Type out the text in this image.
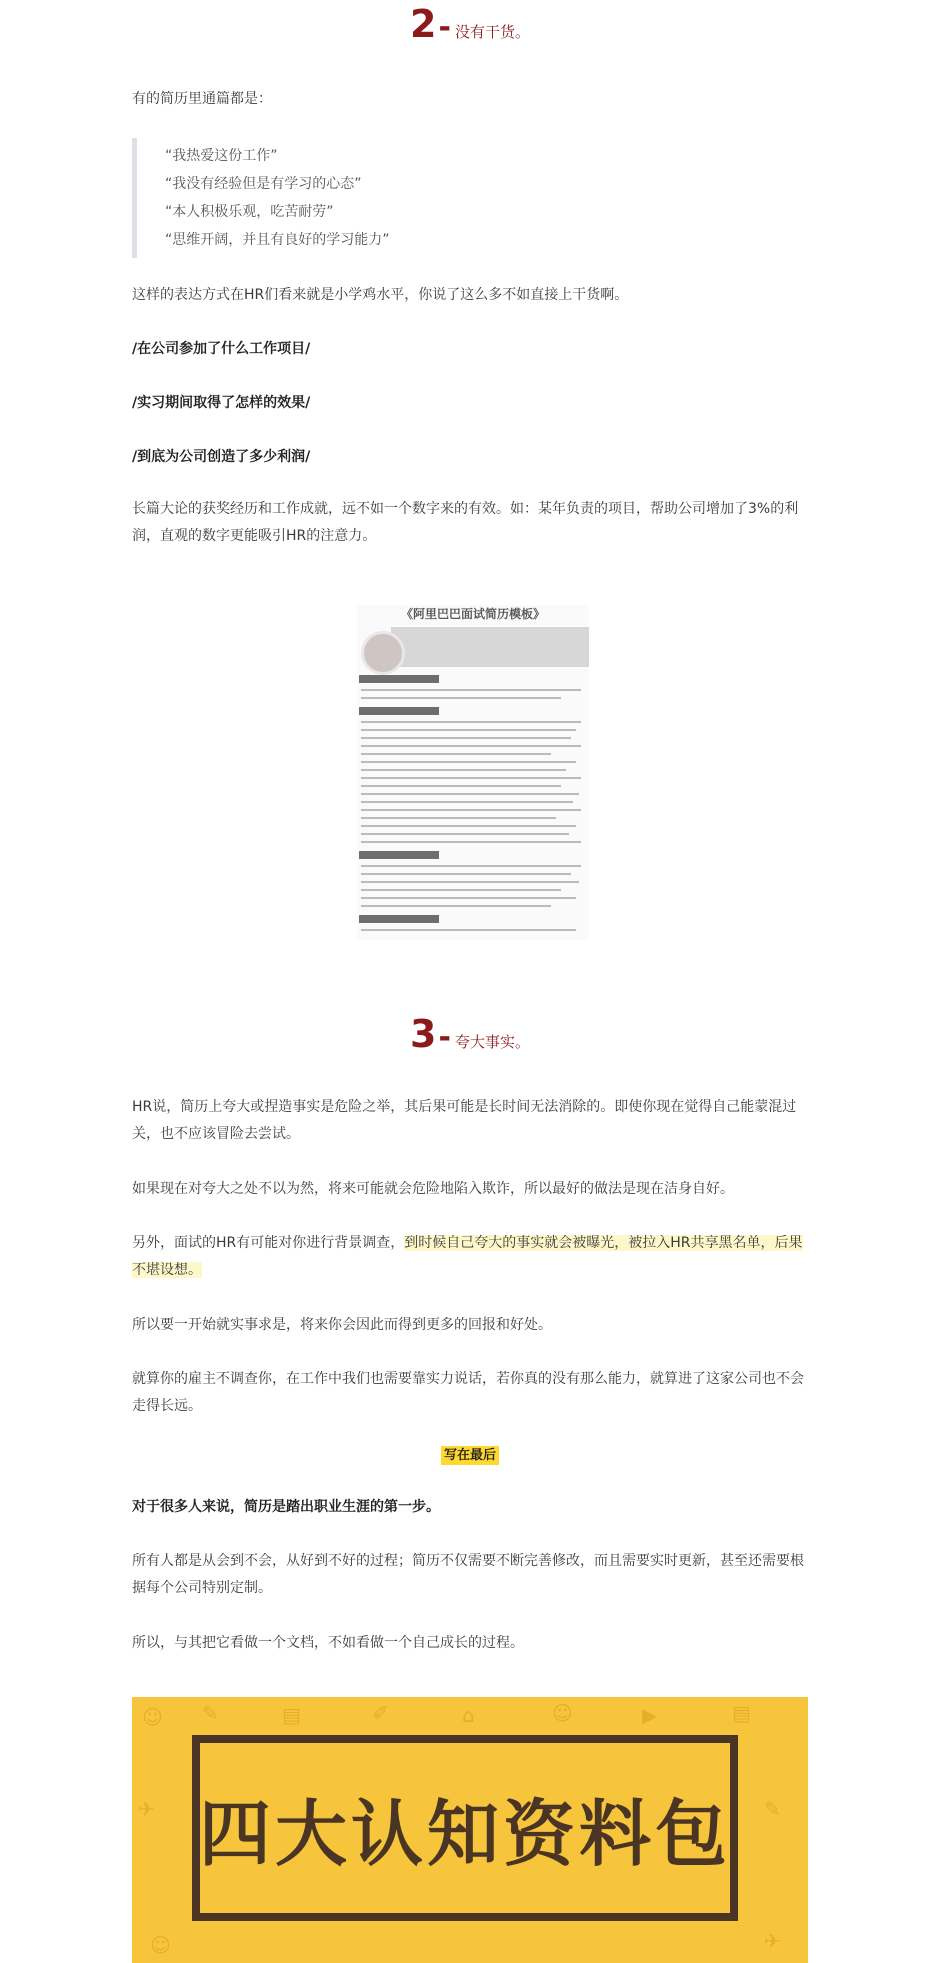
2- 没有干货。

有的简历里通篇都是：

“我热爱这份工作”
“我没有经验但是有学习的心态”
“本人积极乐观，吃苦耐劳”
“思维开阔，并且有良好的学习能力”

这样的表达方式在HR们看来就是小学鸡水平，你说了这么多不如直接上干货啊。

/在公司参加了什么工作项目/

/实习期间取得了怎样的效果/

/到底为公司创造了多少利润/

长篇大论的获奖经历和工作成就，远不如一个数字来的有效。如：某年负责的项目，帮助公司增加了3%的利润，直观的数字更能吸引HR的注意力。

《阿里巴巴面试简历模板》
3- 夸大事实。

HR说，简历上夸大或捏造事实是危险之举，其后果可能是长时间无法消除的。即使你现在觉得自己能蒙混过关，也不应该冒险去尝试。

如果现在对夸大之处不以为然，将来可能就会危险地陷入欺诈，所以最好的做法是现在洁身自好。

另外，面试的HR有可能对你进行背景调查，到时候自己夸大的事实就会被曝光，被拉入HR共享黑名单，后果不堪设想。

所以要一开始就实事求是，将来你会因此而得到更多的回报和好处。

就算你的雇主不调查你，在工作中我们也需要靠实力说话，若你真的没有那么能力，就算进了这家公司也不会走得长远。

写在最后

对于很多人来说，简历是踏出职业生涯的第一步。

所有人都是从会到不会，从好到不好的过程；简历不仅需要不断完善修改，而且需要实时更新，甚至还需要根据每个公司特别定制。

所以，与其把它看做一个文档，不如看做一个自己成长的过程。

☺ ✎	▤	✐	⌂	☺	▶	▤
✈	✎
☺	✈
四大认知资料包
